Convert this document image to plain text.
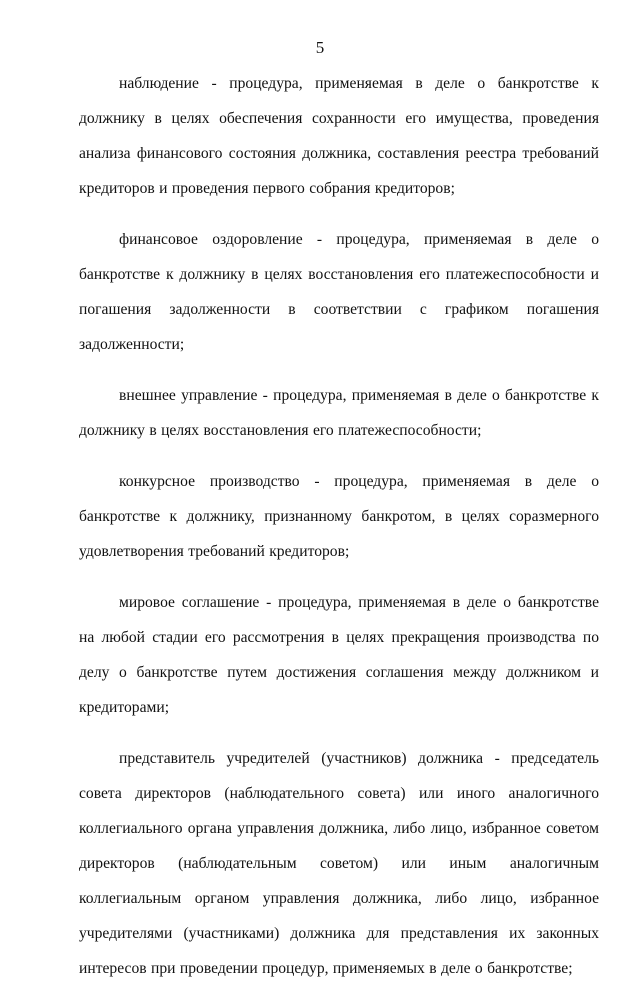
5

наблюдение - процедура, применяемая в деле о банкротстве к должнику в целях обеспечения сохранности его имущества, проведения анализа финансового состояния должника, составления реестра требований кредиторов и проведения первого собрания кредиторов;

финансовое оздоровление - процедура, применяемая в деле о банкротстве к должнику в целях восстановления его платежеспособности и погашения задолженности в соответствии с графиком погашения задолженности;

внешнее управление - процедура, применяемая в деле о банкротстве к должнику в целях восстановления его платежеспособности;

конкурсное производство - процедура, применяемая в деле о банкротстве к должнику, признанному банкротом, в целях соразмерного удовлетворения требований кредиторов;

мировое соглашение - процедура, применяемая в деле о банкротстве на любой стадии его рассмотрения в целях прекращения производства по делу о банкротстве путем достижения соглашения между должником и кредиторами;

представитель учредителей (участников) должника - председатель совета директоров (наблюдательного совета) или иного аналогичного коллегиального органа управления должника, либо лицо, избранное советом директоров (наблюдательным советом) или иным аналогичным коллегиальным органом управления должника, либо лицо, избранное учредителями (участниками) должника для представления их законных интересов при проведении процедур, применяемых в деле о банкротстве;
